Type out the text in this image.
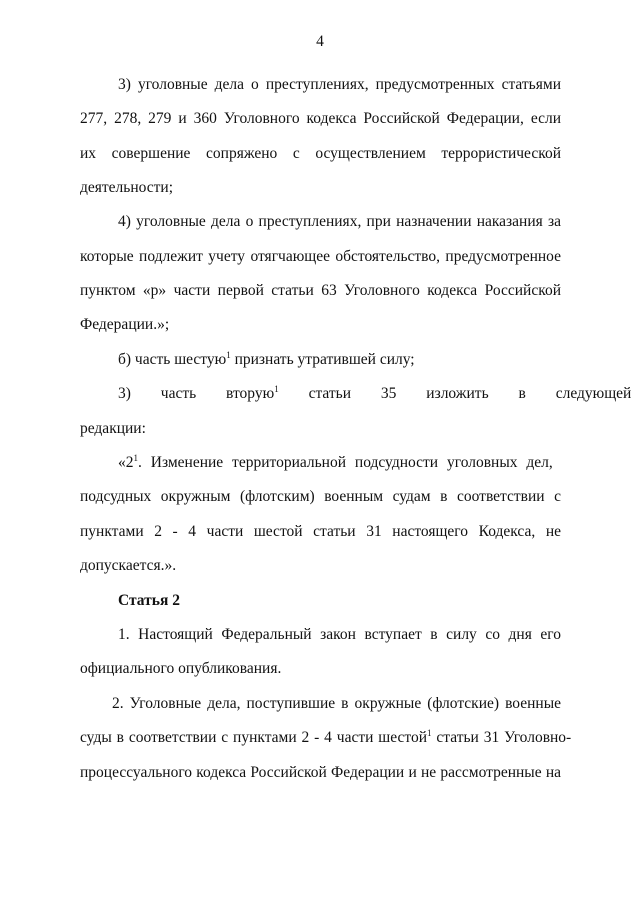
4
3) уголовные дела о преступлениях, предусмотренных статьями
277, 278, 279 и 360 Уголовного кодекса Российской Федерации, если
их совершение сопряжено с осуществлением террористической
деятельности;
4) уголовные дела о преступлениях, при назначении наказания за
которые подлежит учету отягчающее обстоятельство, предусмотренное
пунктом «р» части первой статьи 63 Уголовного кодекса Российской
Федерации.»;
б) часть шестую$^1$ признать утратившей силу;
3) часть вторую$^1$ статьи 35 изложить в следующей
редакции:
«$2^1$. Изменение территориальной подсудности уголовных дел,
подсудных окружным (флотским) военным судам в соответствии с
пунктами 2 - 4 части шестой статьи 31 настоящего Кодекса, не
допускается.».
Статья 2
1. Настоящий Федеральный закон вступает в силу со дня его
официального опубликования.
2. Уголовные дела, поступившие в окружные (флотские) военные
суды в соответствии с пунктами 2 - 4 части шестой$^1$ статьи 31 Уголовно-
процессуального кодекса Российской Федерации и не рассмотренные на
